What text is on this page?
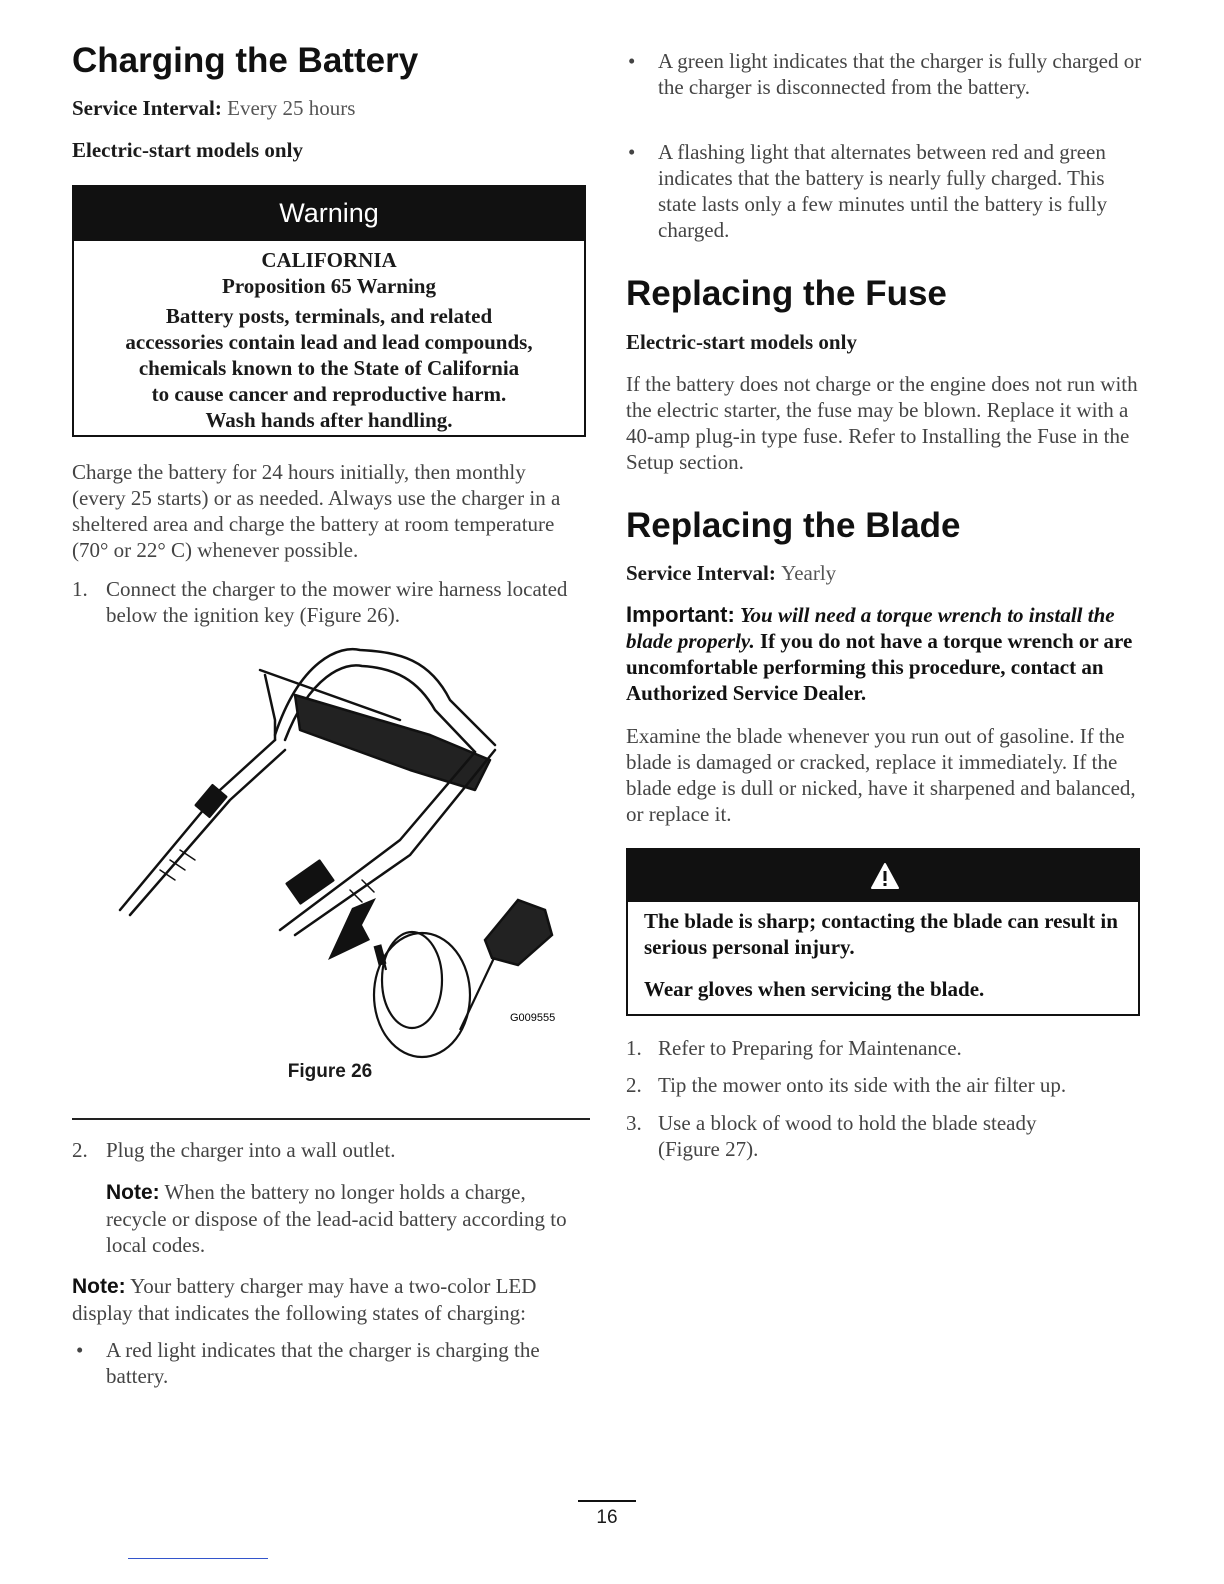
Charging the Battery
Service Interval: Every 25 hours
Electric-start models only
Warning
CALIFORNIA
Proposition 65 Warning
Battery posts, terminals, and related
accessories contain lead and lead compounds,
chemicals known to the State of California
to cause cancer and reproductive harm.
Wash hands after handling.

Charge the battery for 24 hours initially, then monthly (every 25 starts) or as needed. Always use the charger in a sheltered area and charge the battery at room temperature (70° or 22° C) whenever possible.

1. Connect the charger to the mower wire harness located below the ignition key (Figure 26).

G009555
Figure 26
2. Plug the charger into a wall outlet.

Note: When the battery no longer holds a charge, recycle or dispose of the lead-acid battery according to local codes.

Note: Your battery charger may have a two-color LED display that indicates the following states of charging:

• A red light indicates that the charger is charging the battery.

• A green light indicates that the charger is fully charged or the charger is disconnected from the battery.

• A flashing light that alternates between red and green indicates that the battery is nearly fully charged. This state lasts only a few minutes until the battery is fully charged.

Replacing the Fuse
Electric-start models only

If the battery does not charge or the engine does not run with the electric starter, the fuse may be blown. Replace it with a 40-amp plug-in type fuse. Refer to Installing the Fuse in the Setup section.

Replacing the Blade
Service Interval: Yearly

Important: You will need a torque wrench to install the blade properly. If you do not have a torque wrench or are uncomfortable performing this procedure, contact an Authorized Service Dealer.

Examine the blade whenever you run out of gasoline. If the blade is damaged or cracked, replace it immediately. If the blade edge is dull or nicked, have it sharpened and balanced, or replace it.

The blade is sharp; contacting the blade can result in serious personal injury.
Wear gloves when servicing the blade.
1. Refer to Preparing for Maintenance.

2. Tip the mower onto its side with the air filter up.

3. Use a block of wood to hold the blade steady (Figure 27).

16
